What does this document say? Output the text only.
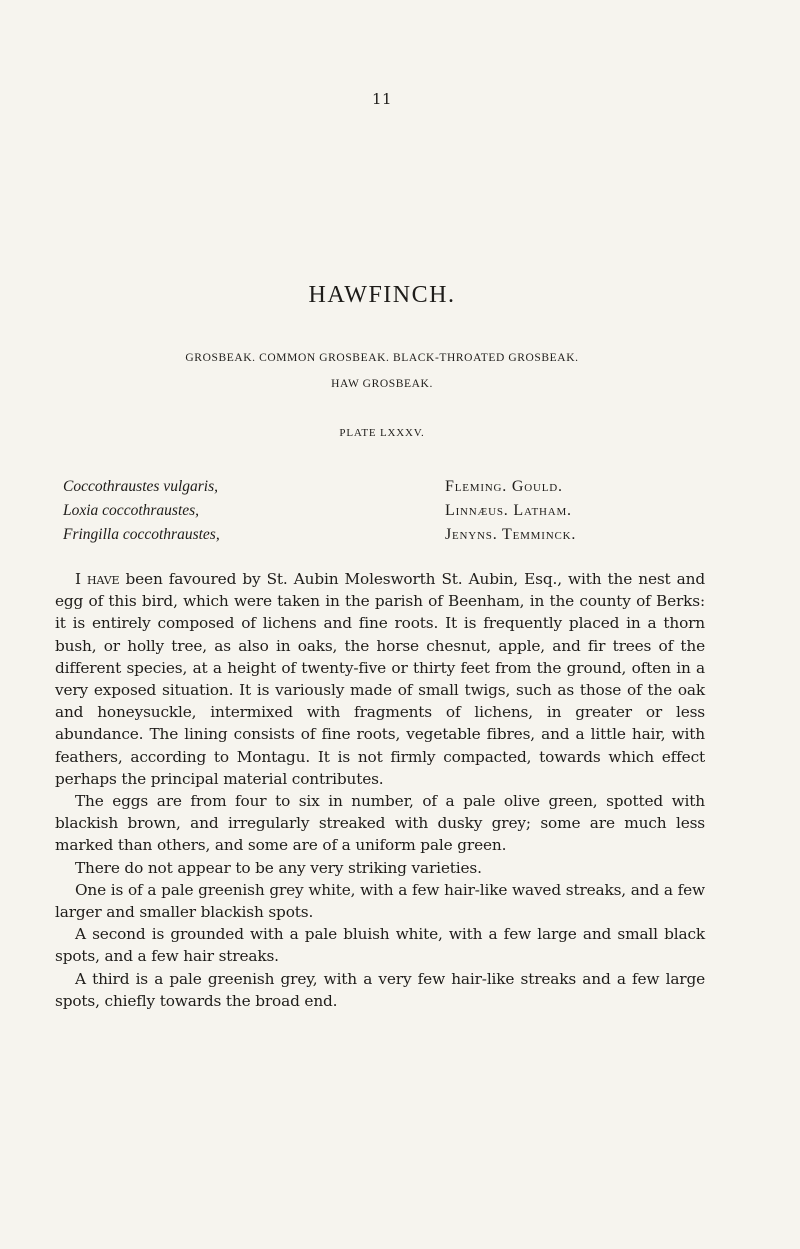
11
HAWFINCH.
GROSBEAK. COMMON GROSBEAK. BLACK-THROATED GROSBEAK.
HAW GROSBEAK.
PLATE LXXXV.
Coccothraustes vulgaris,	Fleming. Gould.
Loxia coccothraustes,	Linnæus. Latham.
Fringilla coccothraustes,	Jenyns. Temminck.

I have been favoured by St. Aubin Molesworth St. Aubin, Esq., with the nest and egg of this bird, which were taken in the parish of Beenham, in the county of Berks: it is entirely composed of lichens and fine roots. It is frequently placed in a thorn bush, or holly tree, as also in oaks, the horse chesnut, apple, and fir trees of the different species, at a height of twenty-five or thirty feet from the ground, often in a very exposed situation. It is variously made of small twigs, such as those of the oak and honeysuckle, intermixed with fragments of lichens, in greater or less abundance. The lining consists of fine roots, vegetable fibres, and a little hair, with feathers, according to Montagu. It is not firmly compacted, towards which effect perhaps the principal material contributes.

The eggs are from four to six in number, of a pale olive green, spotted with blackish brown, and irregularly streaked with dusky grey; some are much less marked than others, and some are of a uniform pale green.

There do not appear to be any very striking varieties.

One is of a pale greenish grey white, with a few hair-like waved streaks, and a few larger and smaller blackish spots.

A second is grounded with a pale bluish white, with a few large and small black spots, and a few hair streaks.

A third is a pale greenish grey, with a very few hair-like streaks and a few large spots, chiefly towards the broad end.
